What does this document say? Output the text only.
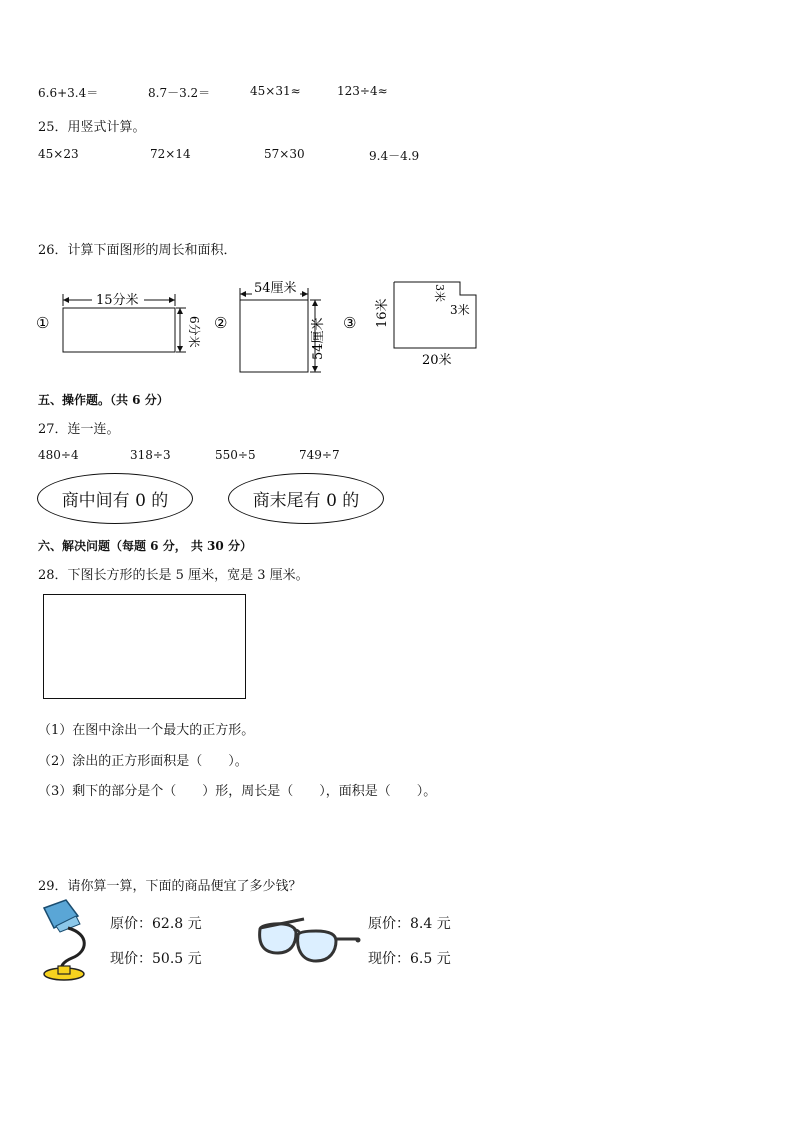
6.6+3.4＝	8.7－3.2＝	45×31≈	123÷4≈
25．用竖式计算。
45×23	72×14	57×30	9.4－4.9
26．计算下面图形的周长和面积．
①
15分米
6分米 ②
54厘米
54厘米 ③ 16米
20米
3米
3米
五、操作题。（共 6 分）
27．连一连。
480÷4	318÷3	550÷5	749÷7
商中间有 0 的	商末尾有 0 的
六、解决问题（每题 6 分， 共 30 分）
28．下图长方形的长是 5 厘米，宽是 3 厘米。
（1）在图中涂出一个最大的正方形。
（2）涂出的正方形面积是（　　）。
（3）剩下的部分是个（　　）形，周长是（　　），面积是（　　）。
29．请你算一算，下面的商品便宜了多少钱？
原价：62.8 元
现价：50.5 元
原价：8.4 元
现价：6.5 元
